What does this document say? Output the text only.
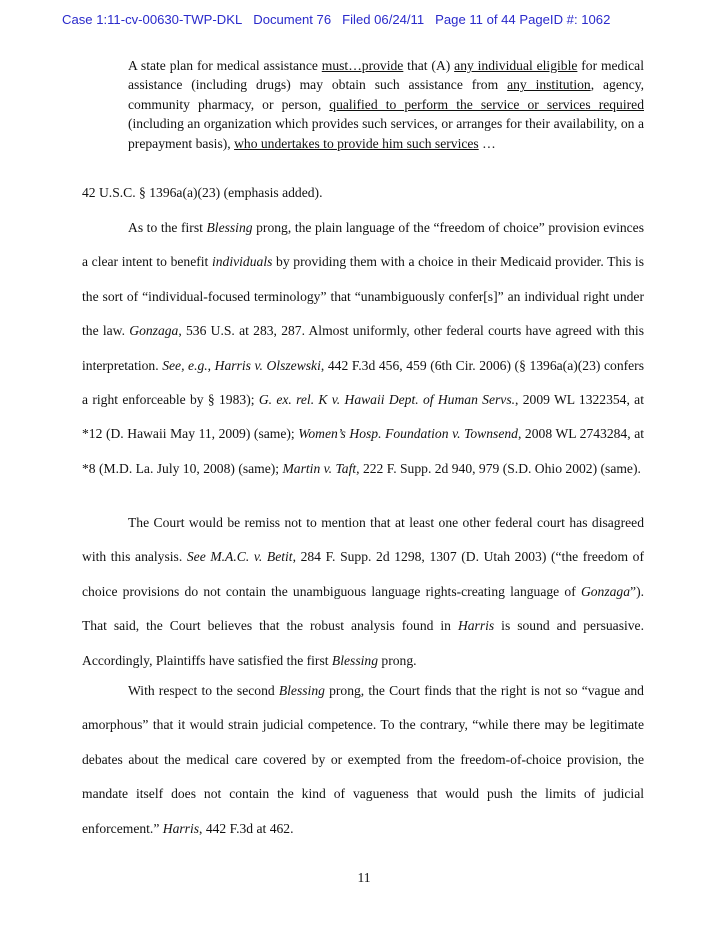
Case 1:11-cv-00630-TWP-DKL Document 76 Filed 06/24/11 Page 11 of 44 PageID #: 1062
A state plan for medical assistance must…provide that (A) any individual eligible for medical assistance (including drugs) may obtain such assistance from any institution, agency, community pharmacy, or person, qualified to perform the service or services required (including an organization which provides such services, or arranges for their availability, on a prepayment basis), who undertakes to provide him such services …
42 U.S.C. § 1396a(a)(23) (emphasis added).
As to the first Blessing prong, the plain language of the “freedom of choice” provision evinces a clear intent to benefit individuals by providing them with a choice in their Medicaid provider. This is the sort of “individual-focused terminology” that “unambiguously confer[s]” an individual right under the law. Gonzaga, 536 U.S. at 283, 287. Almost uniformly, other federal courts have agreed with this interpretation. See, e.g., Harris v. Olszewski, 442 F.3d 456, 459 (6th Cir. 2006) (§ 1396a(a)(23) confers a right enforceable by § 1983); G. ex. rel. K v. Hawaii Dept. of Human Servs., 2009 WL 1322354, at *12 (D. Hawaii May 11, 2009) (same); Women’s Hosp. Foundation v. Townsend, 2008 WL 2743284, at *8 (M.D. La. July 10, 2008) (same); Martin v. Taft, 222 F. Supp. 2d 940, 979 (S.D. Ohio 2002) (same).
The Court would be remiss not to mention that at least one other federal court has disagreed with this analysis. See M.A.C. v. Betit, 284 F. Supp. 2d 1298, 1307 (D. Utah 2003) (“the freedom of choice provisions do not contain the unambiguous language rights-creating language of Gonzaga”). That said, the Court believes that the robust analysis found in Harris is sound and persuasive. Accordingly, Plaintiffs have satisfied the first Blessing prong.
With respect to the second Blessing prong, the Court finds that the right is not so “vague and amorphous” that it would strain judicial competence. To the contrary, “while there may be legitimate debates about the medical care covered by or exempted from the freedom-of-choice provision, the mandate itself does not contain the kind of vagueness that would push the limits of judicial enforcement.” Harris, 442 F.3d at 462.
11
